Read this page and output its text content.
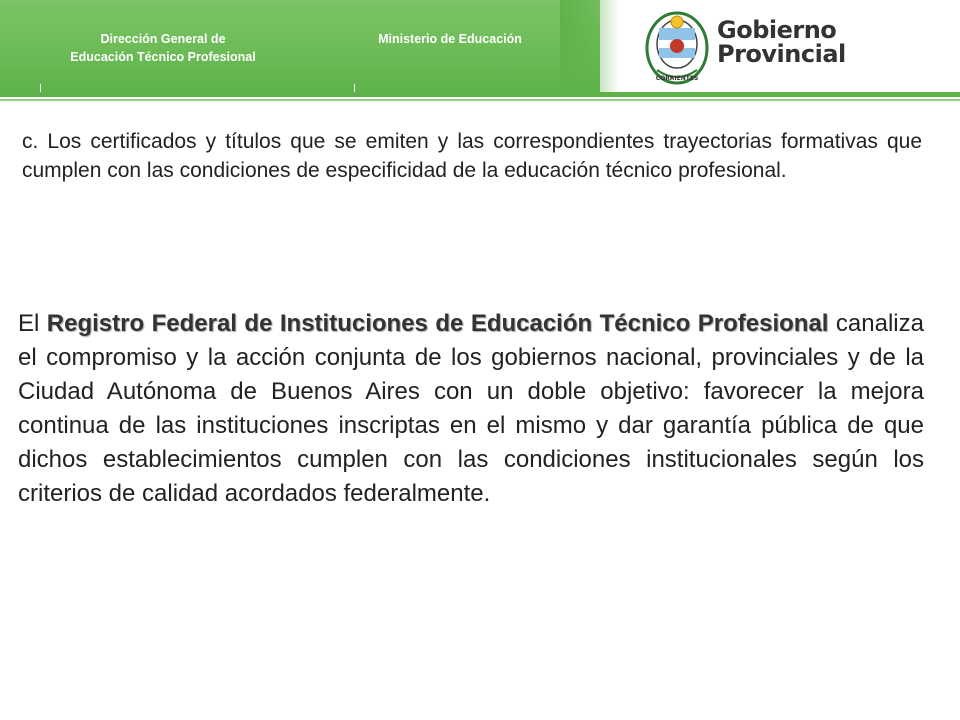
Dirección General de
Educación Técnico Profesional
Ministerio de Educación
CORRIENTES
Gobierno
Provincial
c. Los certificados y títulos que se emiten y las correspondientes trayectorias formativas que cumplen con las condiciones de especificidad de la educación técnico profesional.
El Registro Federal de Instituciones de Educación Técnico Profesional canaliza el compromiso y la acción conjunta de los gobiernos nacional, provinciales y de la Ciudad Autónoma de Buenos Aires con un doble objetivo: favorecer la mejora continua de las instituciones inscriptas en el mismo y dar garantía pública de que dichos establecimientos cumplen con las condiciones institucionales según los criterios de calidad acordados federalmente.
